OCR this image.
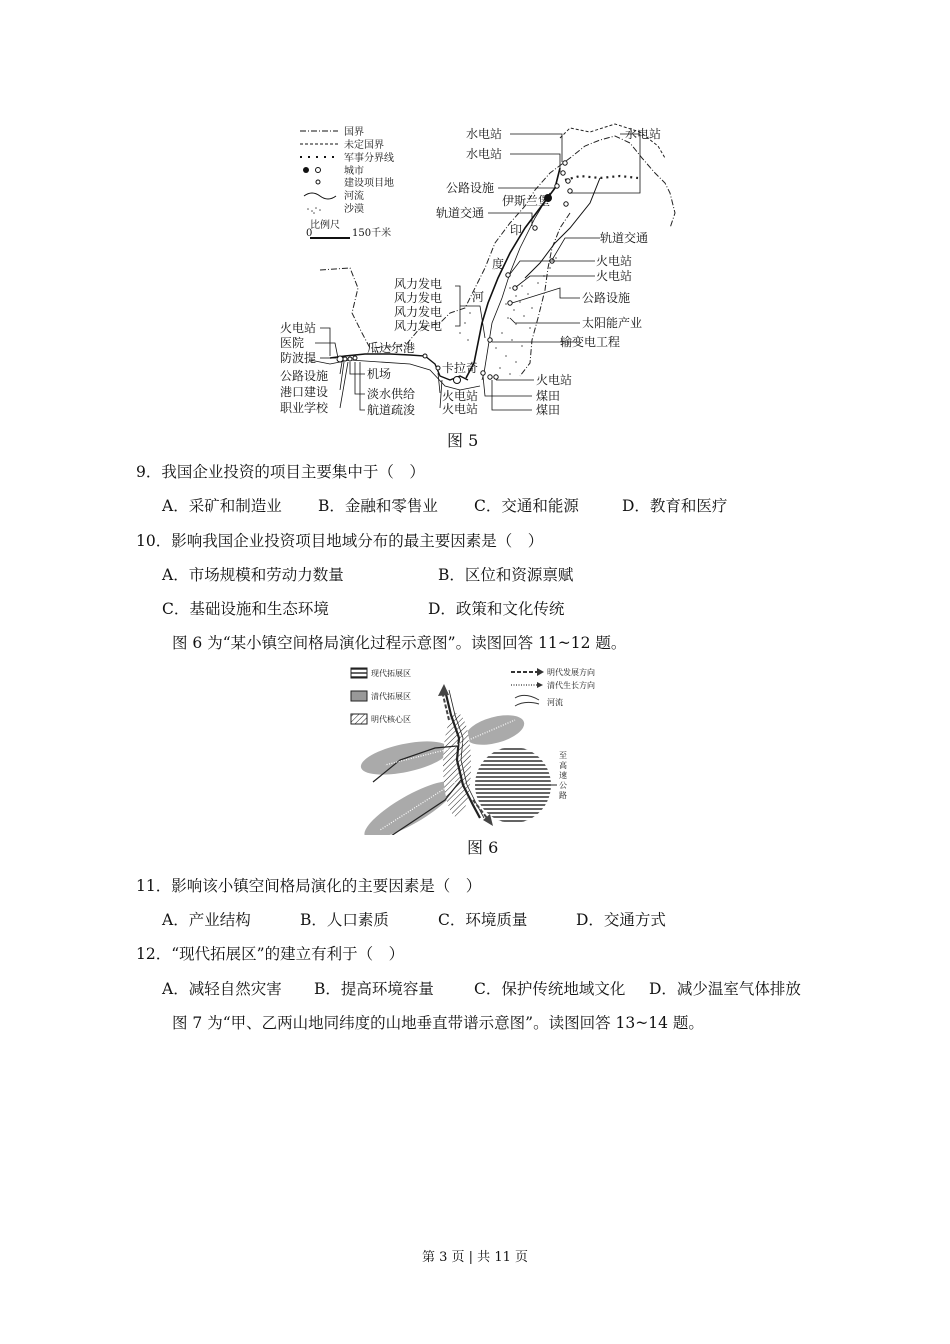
国界
未定国界
军事分界线
城市
建设项目地
河流
沙漠
比例尺
0	150千米
水电站
水电站
水电站
公路设施
轨道交通
轨道交通
火电站
火电站
公路设施
太阳能产业
输变电工程
火电站
煤田
煤田
伊斯兰堡
印
度
河
风力发电
风力发电
风力发电
风力发电
火电站
医院
防波提
瓜达尔港
公路设施
港口建设
职业学校
机场
淡水供给
航道疏浚
卡拉奇
火电站
火电站
图 5
9．我国企业投资的项目主要集中于（　）
A．采矿和制造业 B．金融和零售业 C．交通和能源	D．教育和医疗
10．影响我国企业投资项目地域分布的最主要因素是（　）
A．市场规模和劳动力数量	B．区位和资源禀赋
C．基础设施和生态环境	D．政策和文化传统
图 6 为“某小镇空间格局演化过程示意图”。读图回答 11~12 题。
现代拓展区
清代拓展区
明代核心区
明代发展方向
清代生长方向
河流
至
高
速
公
路
图 6
11．影响该小镇空间格局演化的主要因素是（　）
A．产业结构	B．人口素质	C．环境质量	D．交通方式
12．“现代拓展区”的建立有利于（　）
A．减轻自然灾害 B．提高环境容量	C．保护传统地域文化 D．减少温室气体排放
图 7 为“甲、乙两山地同纬度的山地垂直带谱示意图”。读图回答 13~14 题。
第 3 页 | 共 11 页
